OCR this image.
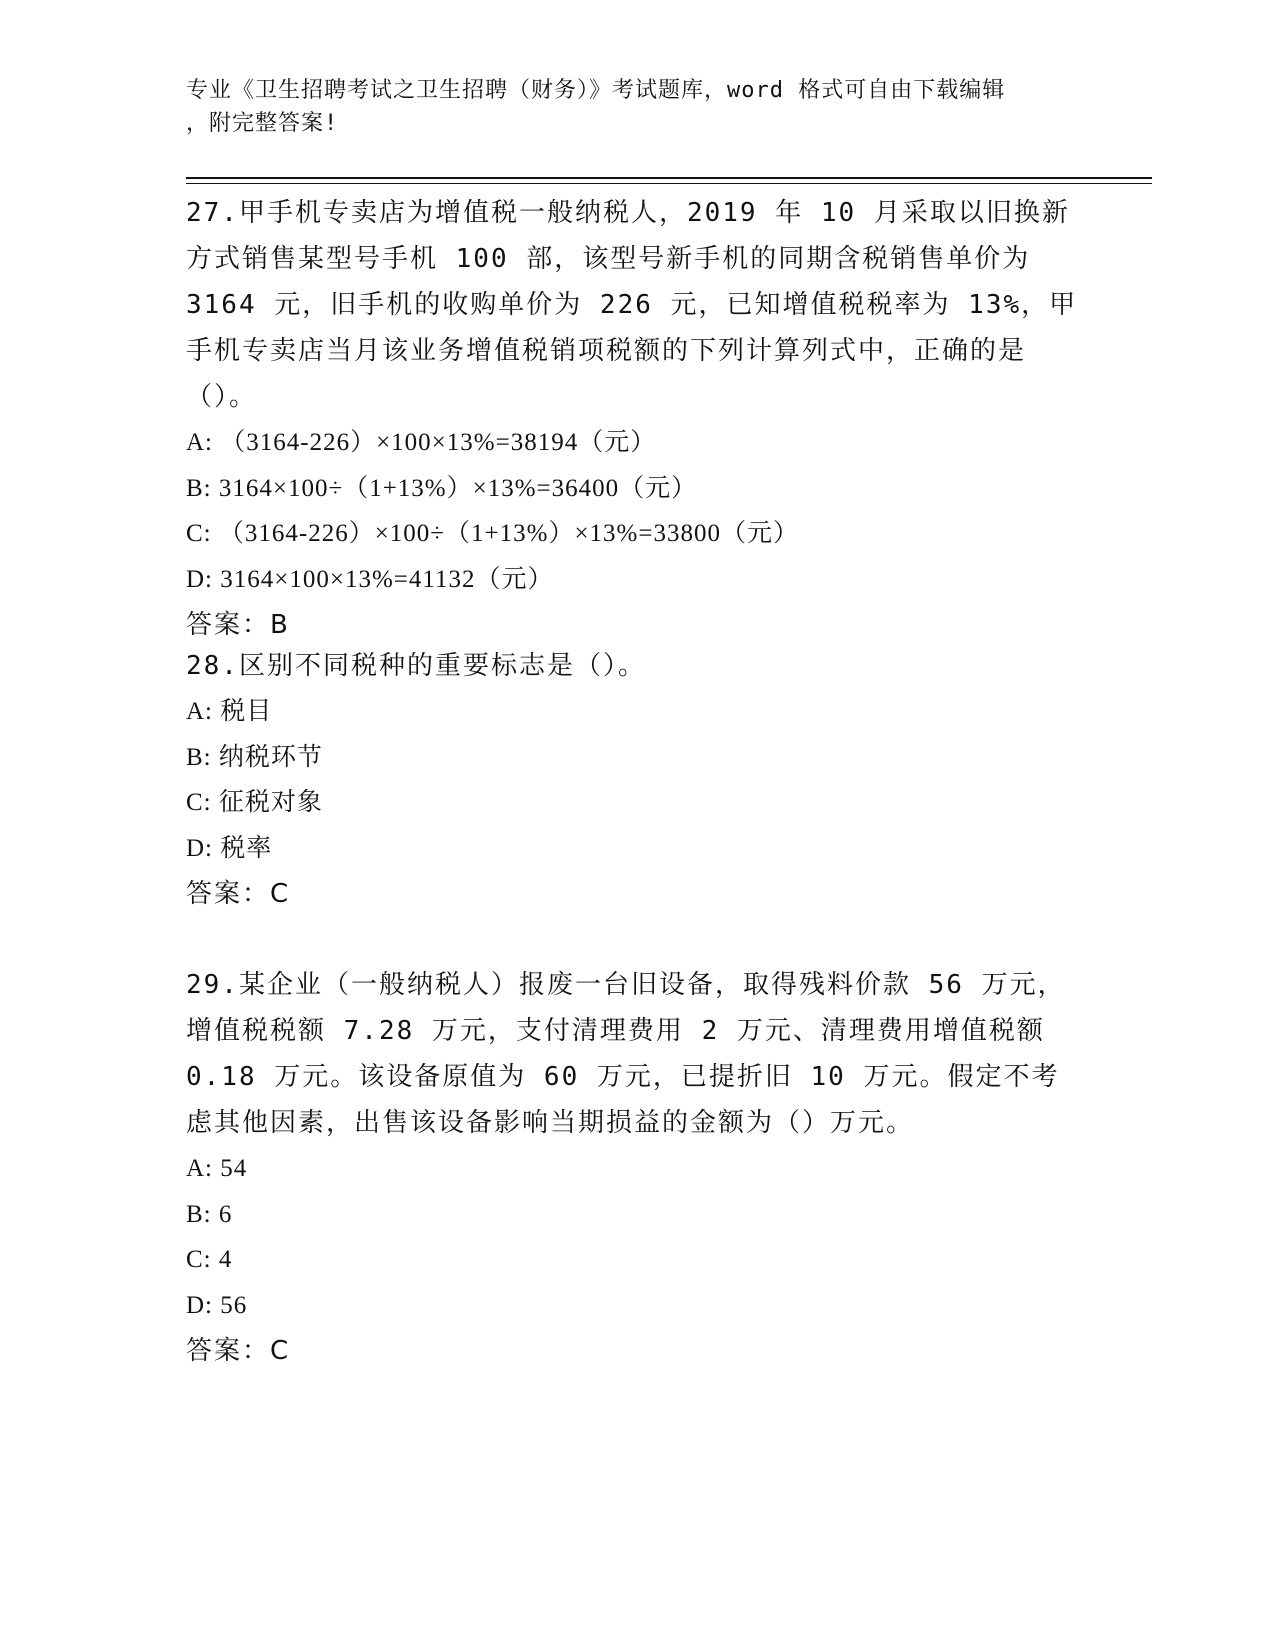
专业《卫生招聘考试之卫生招聘（财务）》考试题库，word 格式可自由下载编辑
，附完整答案!

27.甲手机专卖店为增值税一般纳税人，2019 年 10 月采取以旧换新方式销售某型号手机 100 部，该型号新手机的同期含税销售单价为 3164 元，旧手机的收购单价为 226 元，已知增值税税率为 13%，甲手机专卖店当月该业务增值税销项税额的下列计算列式中，正确的是（）。

A: （3164-226）×100×13%=38194（元）
B: 3164×100÷（1+13%）×13%=36400（元）
C: （3164-226）×100÷（1+13%）×13%=33800（元）
D: 3164×100×13%=41132（元）
答案：B

28.区别不同税种的重要标志是（）。

A: 税目
B: 纳税环节
C: 征税对象
D: 税率
答案：C

29.某企业（一般纳税人）报废一台旧设备，取得残料价款 56 万元，增值税税额 7.28 万元，支付清理费用 2 万元、清理费用增值税额 0.18 万元。该设备原值为 60 万元，已提折旧 10 万元。假定不考虑其他因素，出售该设备影响当期损益的金额为（）万元。

A: 54
B: 6
C: 4
D: 56
答案：C
